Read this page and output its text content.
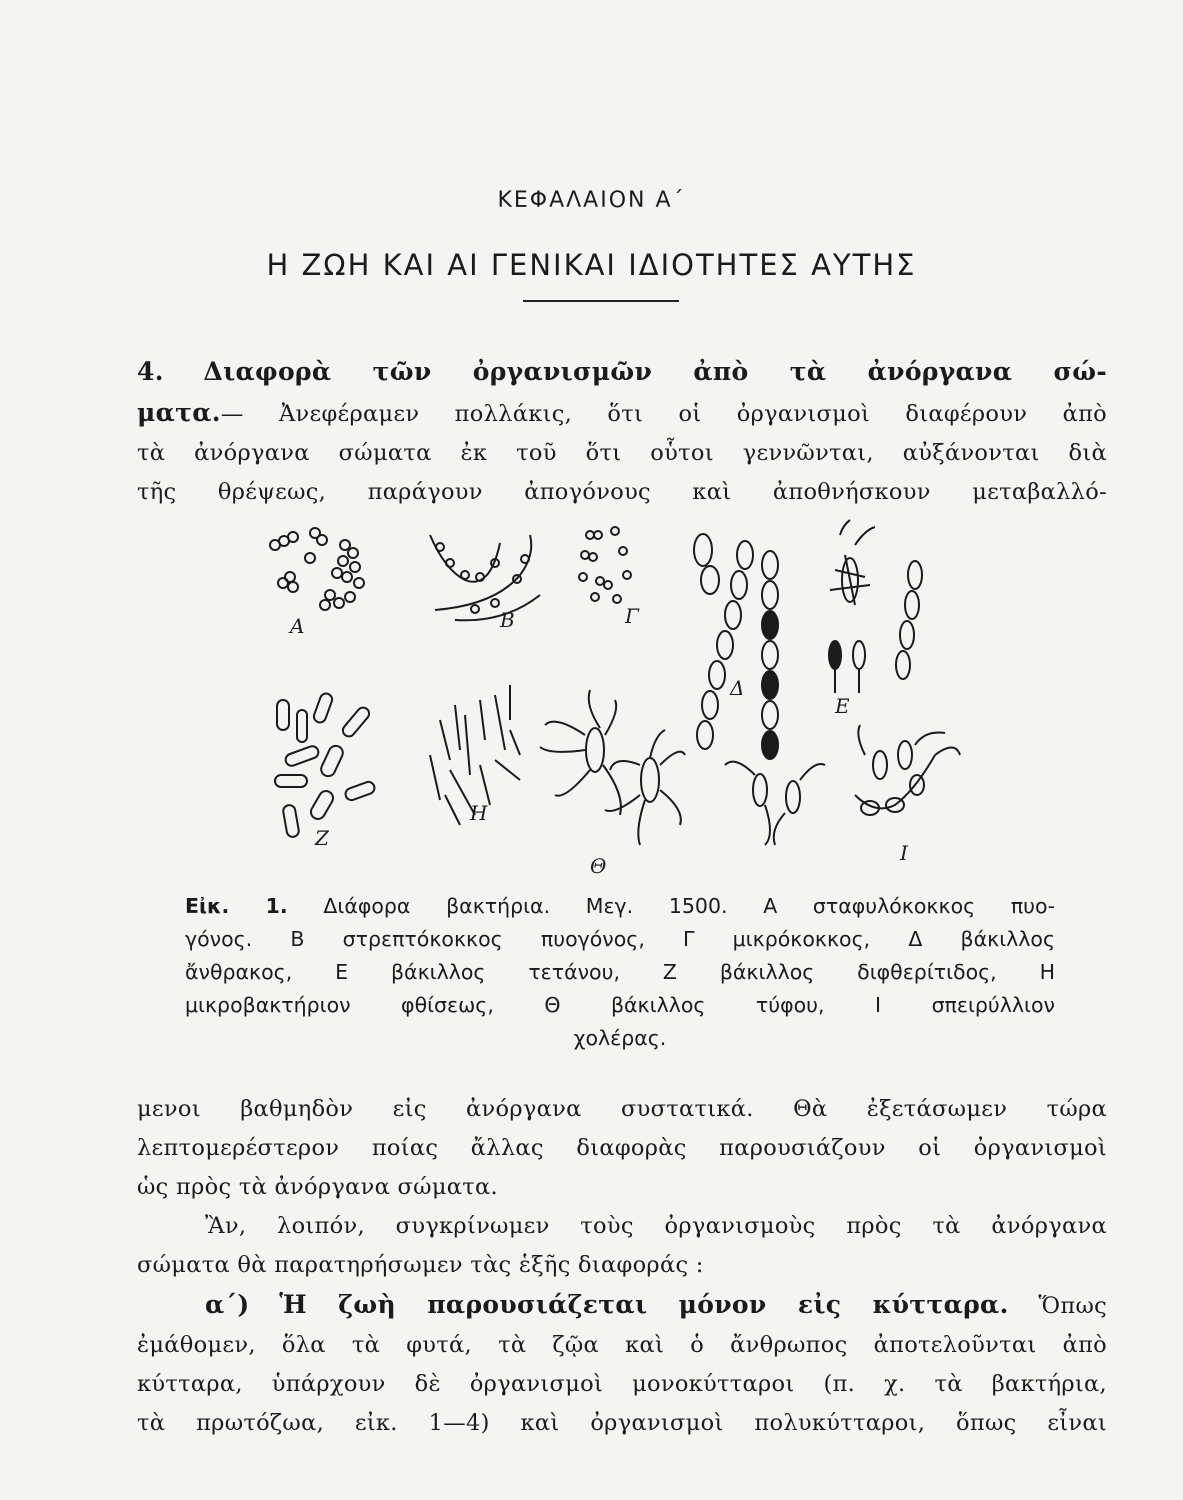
ΚΕΦΑΛΑΙΟΝ Α΄
Η ΖΩΗ ΚΑΙ ΑΙ ΓΕΝΙΚΑΙ ΙΔΙΟΤΗΤΕΣ ΑΥΤΗΣ
4. Διαφορὰ τῶν ὀργανισμῶν ἀπὸ τὰ ἀνόργανα σώ-
ματα.— Ἀνεφέραμεν πολλάκις, ὅτι οἱ ὀργανισμοὶ διαφέρουν ἀπὸ
τὰ ἀνόργανα σώματα ἐκ τοῦ ὅτι οὗτοι γεννῶνται, αὐξάνονται διὰ
τῆς θρέψεως, παράγουν ἀπογόνους καὶ ἀποθνήσκουν μεταβαλλό-
Α	Β	Γ
Δ
Ε
Ζ
Η
Θ
Ι
Εἰκ. 1. Διάφορα βακτήρια. Μεγ. 1500. Α σταφυλόκοκκος πυο-
γόνος. Β στρεπτόκοκκος πυογόνος, Γ μικρόκοκκος, Δ βάκιλλος
ἄνθρακος, Ε βάκιλλος τετάνου, Ζ βάκιλλος διφθερίτιδος, Η
μικροβακτήριον φθίσεως, Θ βάκιλλος τύφου, Ι σπειρύλλιον
χολέρας.
μενοι βαθμηδὸν εἰς ἀνόργανα συστατικά. Θὰ ἐξετάσωμεν τώρα
λεπτομερέστερον ποίας ἄλλας διαφορὰς παρουσιάζουν οἱ ὀργανισμοὶ
ὡς πρὸς τὰ ἀνόργανα σώματα.
Ἂν, λοιπόν, συγκρίνωμεν τοὺς ὀργανισμοὺς πρὸς τὰ ἀνόργανα
σώματα θὰ παρατηρήσωμεν τὰς ἑξῆς διαφοράς :
α΄) Ἡ ζωὴ παρουσιάζεται μόνον εἰς κύτταρα. Ὅπως
ἐμάθομεν, ὅλα τὰ φυτά, τὰ ζῷα καὶ ὁ ἄνθρωπος ἀποτελοῦνται ἀπὸ
κύτταρα, ὑπάρχουν δὲ ὀργανισμοὶ μονοκύτταροι (π. χ. τὰ βακτήρια,
τὰ πρωτόζωα, εἰκ. 1—4) καὶ ὀργανισμοὶ πολυκύτταροι, ὅπως εἶναι
